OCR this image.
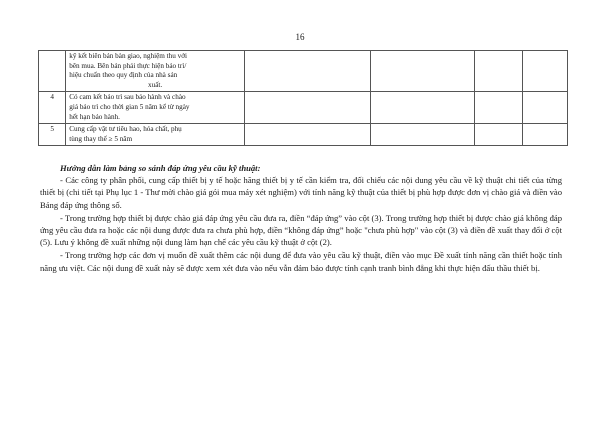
16

	kỹ kết biên bản bàn giao, nghiệm thu với
bên mua. Bên bán phải thực hiện bảo trì/
hiệu chuẩn theo quy định của nhà sản
xuất.				

4	Có cam kết bảo trì sau bảo hành và chào
giá bảo trì cho thời gian 5 năm kể từ ngày
hết hạn bảo hành.				

5	Cung cấp vật tư tiêu hao, hóa chất, phụ
tùng thay thế ≥ 5 năm				

Hướng dẫn làm bảng so sánh đáp ứng yêu cầu kỹ thuật:

- Các công ty phân phối, cung cấp thiết bị y tế hoặc hãng thiết bị y tế cần kiểm tra, đối chiếu các nội dung yêu cầu về kỹ thuật chi tiết của từng thiết bị (chi tiết tại Phụ lục 1 - Thư mời chào giá gói mua máy xét nghiệm) với tính năng kỹ thuật của thiết bị phù hợp được đơn vị chào giá và điền vào Bảng đáp ứng thông số.

- Trong trường hợp thiết bị được chào giá đáp ứng yêu cầu đưa ra, điền “đáp ứng” vào cột (3). Trong trường hợp thiết bị được chào giá không đáp ứng yêu cầu đưa ra hoặc các nội dung được đưa ra chưa phù hợp, điền “không đáp ứng” hoặc "chưa phù hợp" vào cột (3) và điền đề xuất thay đổi ở cột (5). Lưu ý không đề xuất những nội dung làm hạn chế các yêu cầu kỹ thuật ở cột (2).

- Trong trường hợp các đơn vị muốn đề xuất thêm các nội dung để đưa vào yêu cầu kỹ thuật, điền vào mục Đề xuất tính năng cần thiết hoặc tính năng ưu việt. Các nội dung đề xuất này sẽ được xem xét đưa vào nếu vẫn đảm bảo được tính cạnh tranh bình đẳng khi thực hiện đấu thầu thiết bị.
